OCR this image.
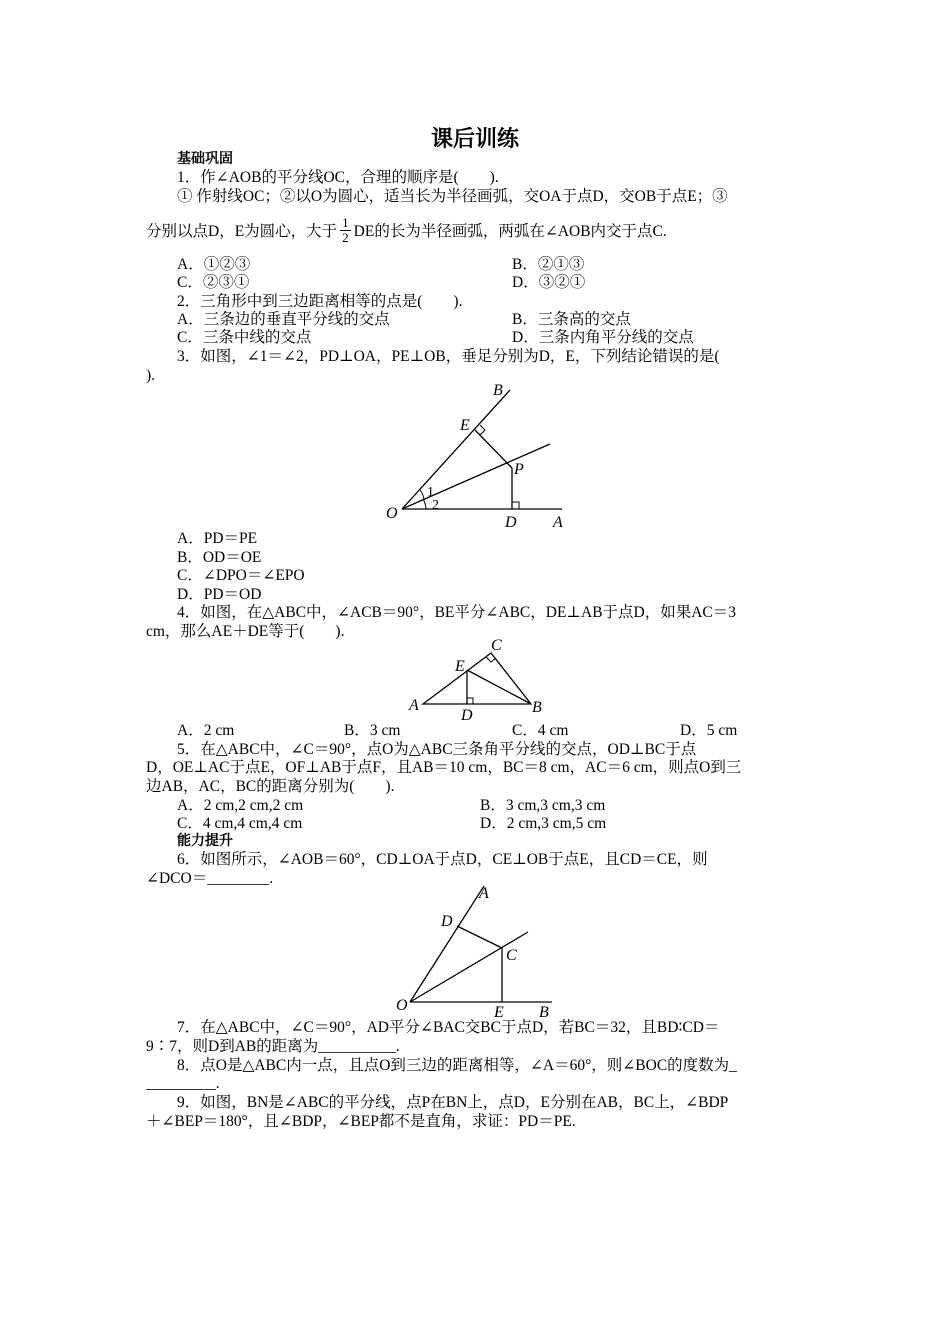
课后训练
基础巩固
1．作∠AOB的平分线OC，合理的顺序是(　　).
① 作射线OC；②以O为圆心，适当长为半径画弧，交OA于点D，交OB于点E；③
分别以点D，E为圆心，大于 $\frac{1}{2}$ DE的长为半径画弧，两弧在∠AOB内交于点C.
A．①②③	B．②①③
C．②③①	D．③②①
2．三角形中到三边距离相等的点是(　　).
A．三条边的垂直平分线的交点	B．三条高的交点
C．三条中线的交点	D．三条内角平分线的交点
3．如图，∠1＝∠2，PD⊥OA，PE⊥OB，垂足分别为D，E，下列结论错误的是(
).
B
E
P
O
D A
1
2
A．PD＝PE
B．OD＝OE
C．∠DPO＝∠EPO
D．PD＝OD
4．如图，在△ABC中，∠ACB＝90°，BE平分∠ABC，DE⊥AB于点D，如果AC＝3
cm，那么AE＋DE等于(　　).
C
E
A
D	B
A．2 cm	B．3 cm	C．4 cm	D．5 cm
5．在△ABC中，∠C＝90°，点O为△ABC三条角平分线的交点，OD⊥BC于点
D，OE⊥AC于点E，OF⊥AB于点F，且AB＝10 cm，BC＝8 cm，AC＝6 cm，则点O到三
边AB，AC，BC的距离分别为(　　).
A．2 cm,2 cm,2 cm	B．3 cm,3 cm,3 cm
C．4 cm,4 cm,4 cm	D．2 cm,3 cm,5 cm
能力提升
6．如图所示，∠AOB＝60°，CD⊥OA于点D，CE⊥OB于点E，且CD＝CE，则
∠DCO＝________.
A
D
C
O	E B
7．在△ABC中，∠C＝90°，AD平分∠BAC交BC于点D，若BC＝32，且BD∶CD＝
9∶7，则D到AB的距离为__________.
8．点O是△ABC内一点，且点O到三边的距离相等，∠A＝60°，则∠BOC的度数为_
_________.
9．如图，BN是∠ABC的平分线，点P在BN上，点D，E分别在AB，BC上，∠BDP
＋∠BEP＝180°，且∠BDP，∠BEP都不是直角，求证：PD＝PE.
